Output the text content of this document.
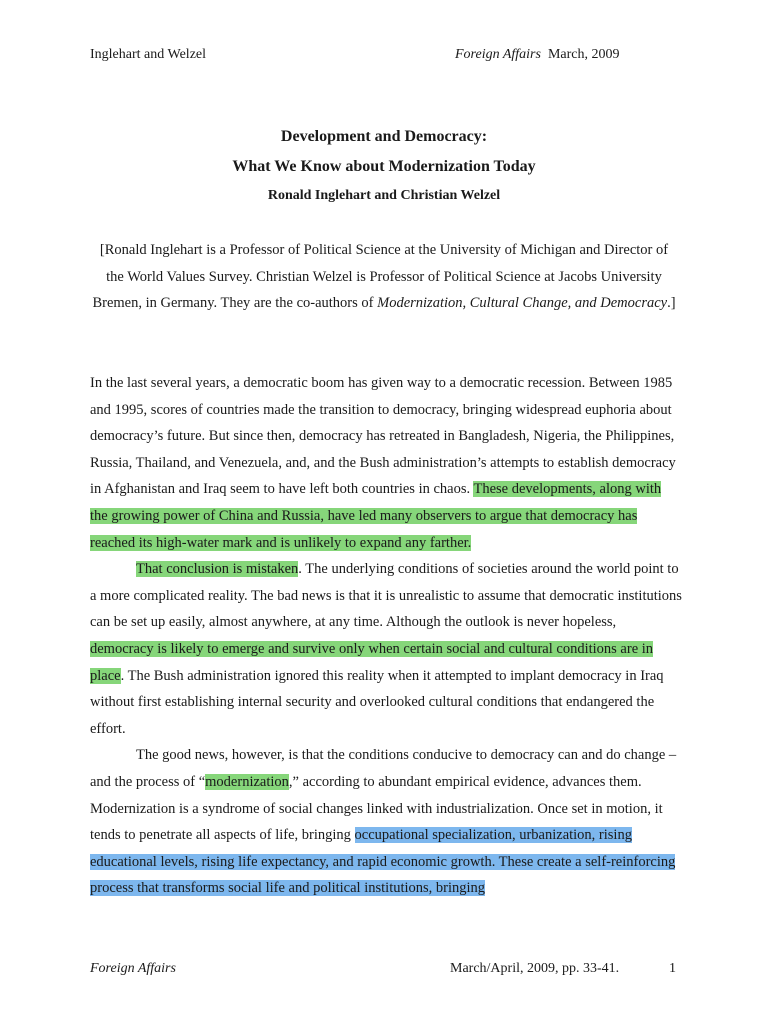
Inglehart and Welzel	Foreign Affairs March, 2009
Development and Democracy:
What We Know about Modernization Today
Ronald Inglehart and Christian Welzel
[Ronald Inglehart is a Professor of Political Science at the University of Michigan and Director of the World Values Survey. Christian Welzel is Professor of Political Science at Jacobs University Bremen, in Germany. They are the co-authors of Modernization, Cultural Change, and Democracy.]

In the last several years, a democratic boom has given way to a democratic recession. Between 1985 and 1995, scores of countries made the transition to democracy, bringing widespread euphoria about democracy’s future. But since then, democracy has retreated in Bangladesh, Nigeria, the Philippines, Russia, Thailand, and Venezuela, and, and the Bush administration’s attempts to establish democracy in Afghanistan and Iraq seem to have left both countries in chaos. These developments, along with the growing power of China and Russia, have led many observers to argue that democracy has reached its high-water mark and is unlikely to expand any farther.

That conclusion is mistaken. The underlying conditions of societies around the world point to a more complicated reality. The bad news is that it is unrealistic to assume that democratic institutions can be set up easily, almost anywhere, at any time. Although the outlook is never hopeless, democracy is likely to emerge and survive only when certain social and cultural conditions are in place. The Bush administration ignored this reality when it attempted to implant democracy in Iraq without first establishing internal security and overlooked cultural conditions that endangered the effort.

The good news, however, is that the conditions conducive to democracy can and do change – and the process of “modernization,” according to abundant empirical evidence, advances them. Modernization is a syndrome of social changes linked with industrialization. Once set in motion, it tends to penetrate all aspects of life, bringing occupational specialization, urbanization, rising educational levels, rising life expectancy, and rapid economic growth. These create a self-reinforcing process that transforms social life and political institutions, bringing

Foreign Affairs	March/April, 2009, pp. 33-41.	1
